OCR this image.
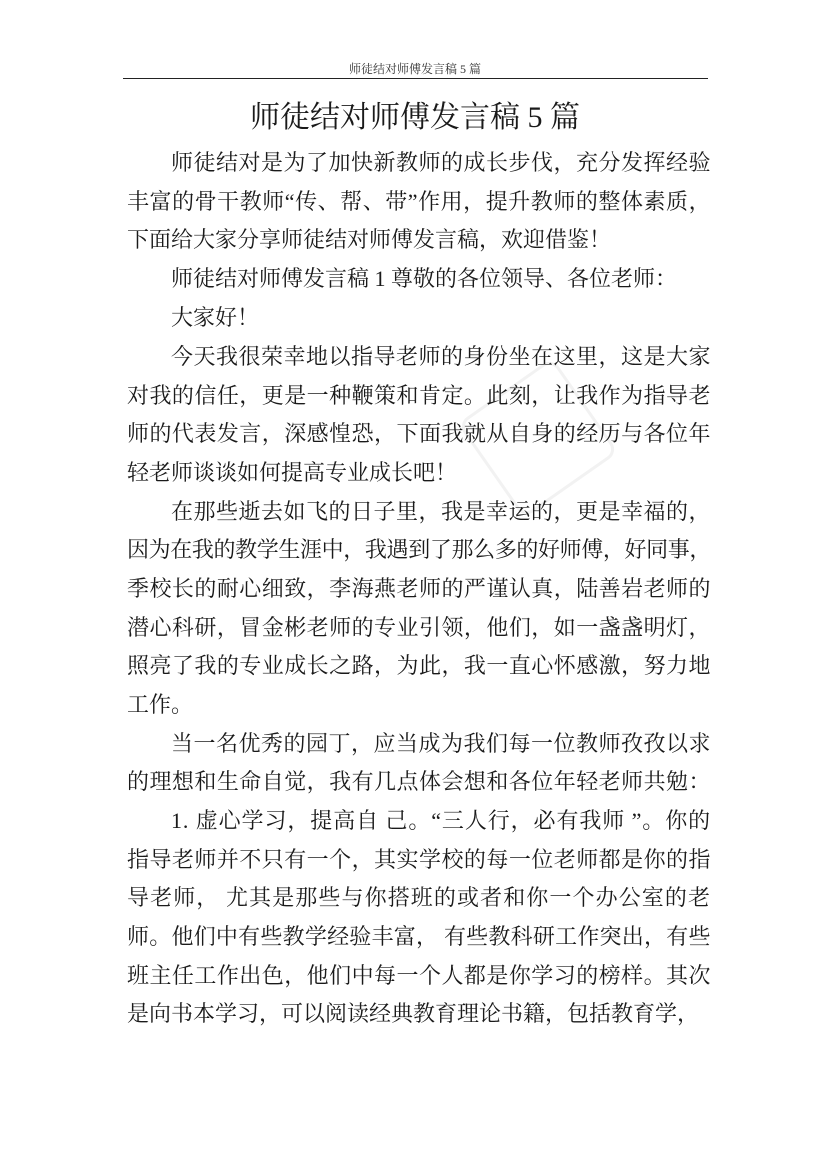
师徒结对师傅发言稿 5 篇
师徒结对师傅发言稿 5 篇
师徒结对是为了加快新教师的成长步伐，充分发挥经验
丰富的骨干教师“传、帮、带”作用，提升教师的整体素质，
下面给大家分享师徒结对师傅发言稿，欢迎借鉴！
师徒结对师傅发言稿 1 尊敬的各位领导、各位老师：
大家好！
今天我很荣幸地以指导老师的身份坐在这里，这是大家
对我的信任，更是一种鞭策和肯定。此刻，让我作为指导老
师的代表发言，深感惶恐，下面我就从自身的经历与各位年
轻老师谈谈如何提高专业成长吧！
在那些逝去如飞的日子里，我是幸运的，更是幸福的，
因为在我的教学生涯中，我遇到了那么多的好师傅，好同事，
季校长的耐心细致，李海燕老师的严谨认真，陆善岩老师的
潜心科研，冒金彬老师的专业引领，他们，如一盏盏明灯，
照亮了我的专业成长之路，为此，我一直心怀感激，努力地
工作。
当一名优秀的园丁，应当成为我们每一位教师孜孜以求
的理想和生命自觉，我有几点体会想和各位年轻老师共勉：
1. 虚心学习，提高自 己。“三人行，必有我师 ”。你的
指导老师并不只有一个，其实学校的每一位老师都是你的指
导老师， 尤其是那些与你搭班的或者和你一个办公室的老
师。他们中有些教学经验丰富， 有些教科研工作突出，有些
班主任工作出色，他们中每一个人都是你学习的榜样。其次
是向书本学习，可以阅读经典教育理论书籍，包括教育学，
